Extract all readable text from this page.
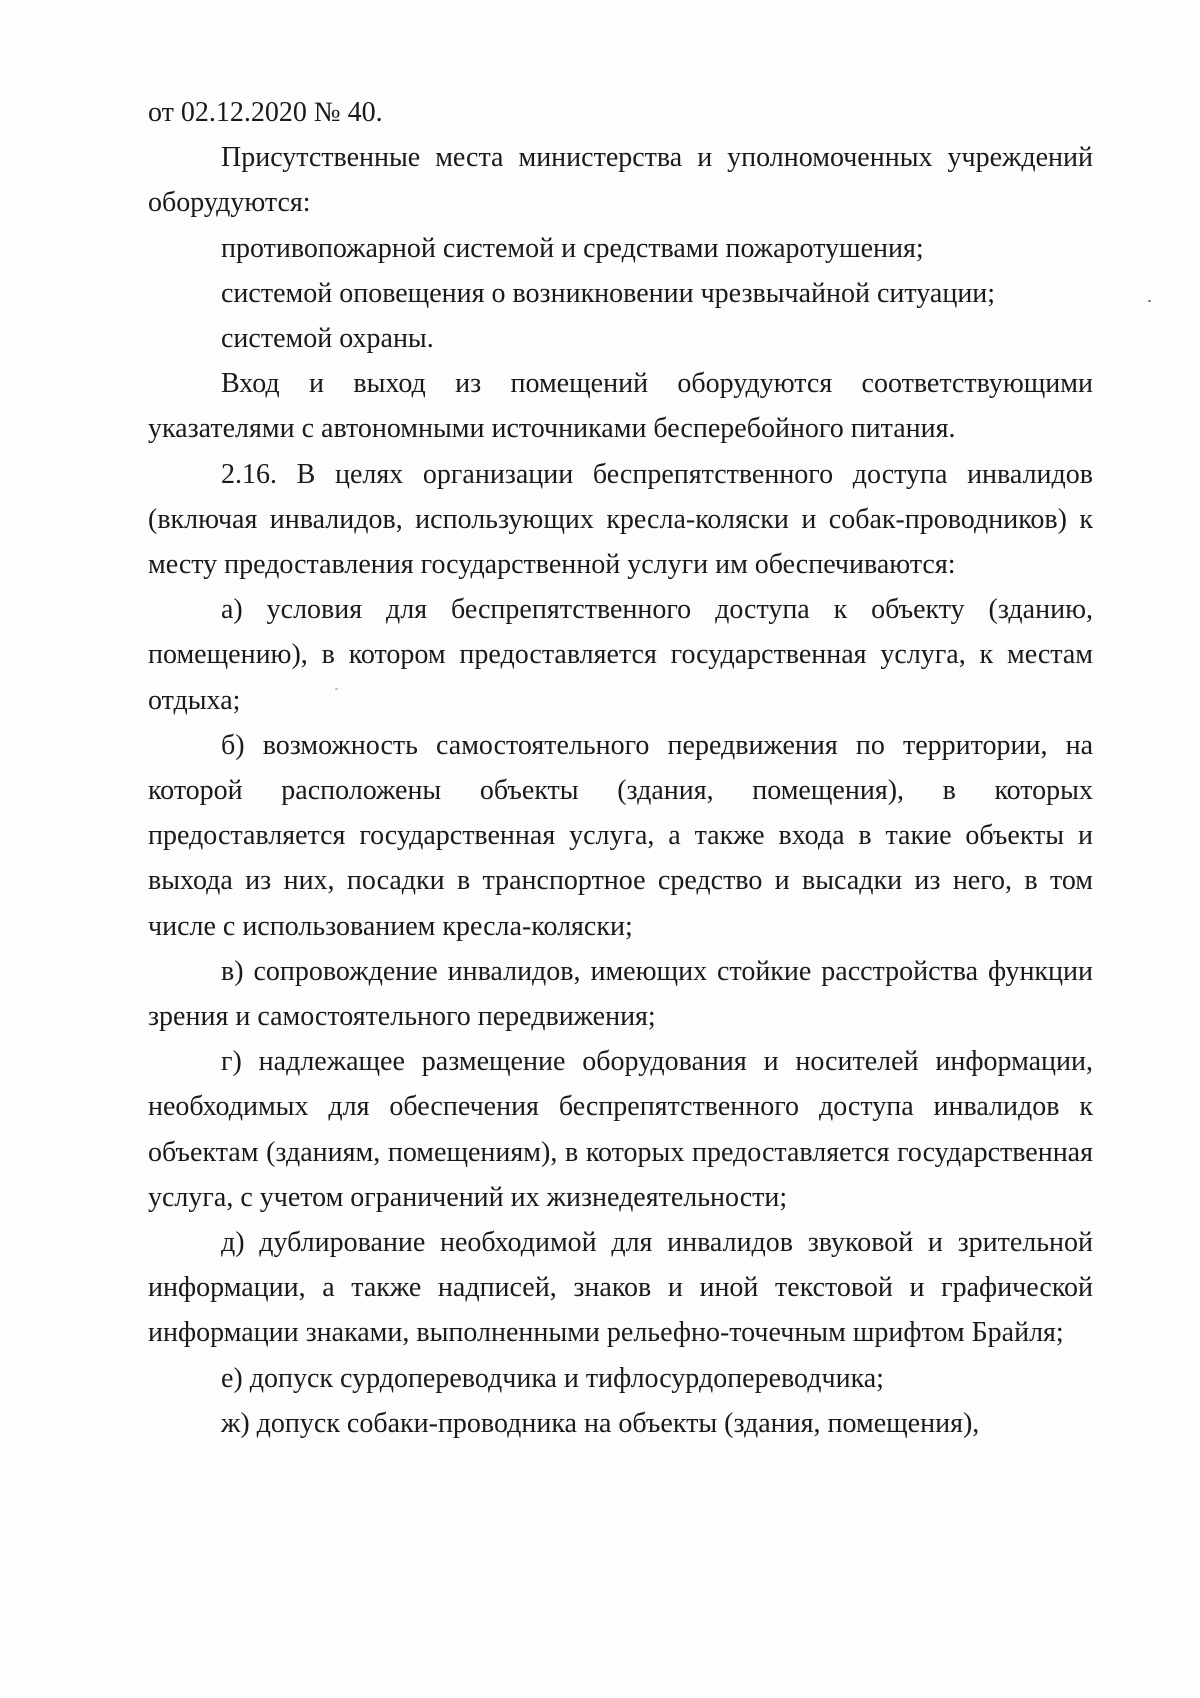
от 02.12.2020 № 40.

Присутственные места министерства и уполномоченных учреждений оборудуются:

противопожарной системой и средствами пожаротушения;

системой оповещения о возникновении чрезвычайной ситуации;

системой охраны.

Вход и выход из помещений оборудуются соответствующими указателями с автономными источниками бесперебойного питания.

2.16. В целях организации беспрепятственного доступа инвалидов (включая инвалидов, использующих кресла-коляски и собак-проводников) к месту предоставления государственной услуги им обеспечиваются:

а) условия для беспрепятственного доступа к объекту (зданию, помещению), в котором предоставляется государственная услуга, к местам отдыха;

б) возможность самостоятельного передвижения по территории, на которой расположены объекты (здания, помещения), в которых предоставляется государственная услуга, а также входа в такие объекты и выхода из них, посадки в транспортное средство и высадки из него, в том числе с использованием кресла-коляски;

в) сопровождение инвалидов, имеющих стойкие расстройства функции зрения и самостоятельного передвижения;

г) надлежащее размещение оборудования и носителей информации, необходимых для обеспечения беспрепятственного доступа инвалидов к объектам (зданиям, помещениям), в которых предоставляется государственная услуга, с учетом ограничений их жизнедеятельности;

д) дублирование необходимой для инвалидов звуковой и зрительной информации, а также надписей, знаков и иной текстовой и графической информации знаками, выполненными рельефно-точечным шрифтом Брайля;

е) допуск сурдопереводчика и тифлосурдопереводчика;

ж) допуск собаки-проводника на объекты (здания, помещения),
